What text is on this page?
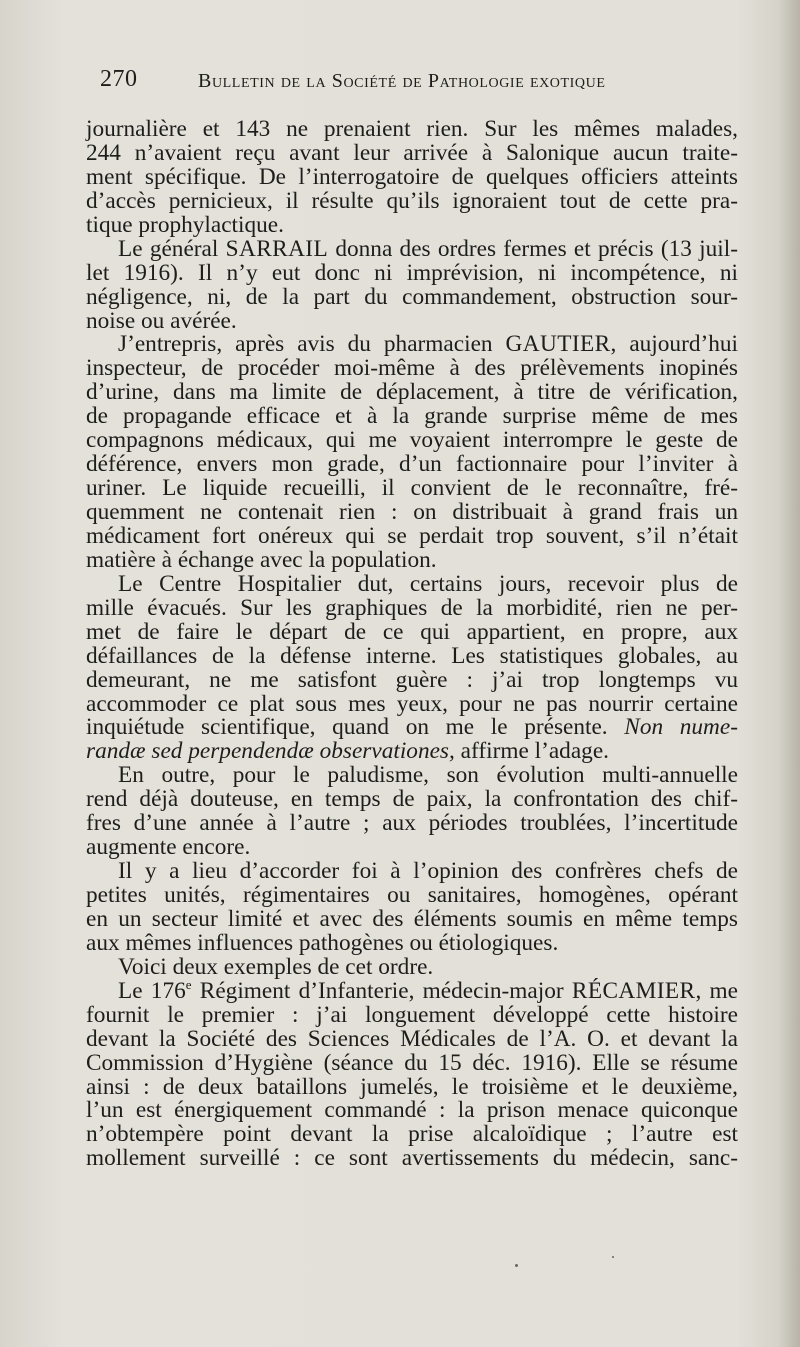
270	Bulletin de la Société de Pathologie exotique
journalière et 143 ne prenaient rien. Sur les mêmes malades,
244 n’avaient reçu avant leur arrivée à Salonique aucun traite-
ment spécifique. De l’interrogatoire de quelques officiers atteints
d’accès pernicieux, il résulte qu’ils ignoraient tout de cette pra-
tique prophylactique.
Le général SARRAIL donna des ordres fermes et précis (13 juil-
let 1916). Il n’y eut donc ni imprévision, ni incompétence, ni
négligence, ni, de la part du commandement, obstruction sour-
noise ou avérée.
J’entrepris, après avis du pharmacien GAUTIER, aujourd’hui
inspecteur, de procéder moi-même à des prélèvements inopinés
d’urine, dans ma limite de déplacement, à titre de vérification,
de propagande efficace et à la grande surprise même de mes
compagnons médicaux, qui me voyaient interrompre le geste de
déférence, envers mon grade, d’un factionnaire pour l’inviter à
uriner. Le liquide recueilli, il convient de le reconnaître, fré-
quemment ne contenait rien : on distribuait à grand frais un
médicament fort onéreux qui se perdait trop souvent, s’il n’était
matière à échange avec la population.
Le Centre Hospitalier dut, certains jours, recevoir plus de
mille évacués. Sur les graphiques de la morbidité, rien ne per-
met de faire le départ de ce qui appartient, en propre, aux
défaillances de la défense interne. Les statistiques globales, au
demeurant, ne me satisfont guère : j’ai trop longtemps vu
accommoder ce plat sous mes yeux, pour ne pas nourrir certaine
inquiétude scientifique, quand on me le présente. Non nume-
randæ sed perpendendæ observationes, affirme l’adage.
En outre, pour le paludisme, son évolution multi-annuelle
rend déjà douteuse, en temps de paix, la confrontation des chif-
fres d’une année à l’autre ; aux périodes troublées, l’incertitude
augmente encore.
Il y a lieu d’accorder foi à l’opinion des confrères chefs de
petites unités, régimentaires ou sanitaires, homogènes, opérant
en un secteur limité et avec des éléments soumis en même temps
aux mêmes influences pathogènes ou étiologiques.
Voici deux exemples de cet ordre.
Le 176e Régiment d’Infanterie, médecin-major RÉCAMIER, me
fournit le premier : j’ai longuement développé cette histoire
devant la Société des Sciences Médicales de l’A. O. et devant la
Commission d’Hygiène (séance du 15 déc. 1916). Elle se résume
ainsi : de deux bataillons jumelés, le troisième et le deuxième,
l’un est énergiquement commandé : la prison menace quiconque
n’obtempère point devant la prise alcaloïdique ; l’autre est
mollement surveillé : ce sont avertissements du médecin, sanc-
